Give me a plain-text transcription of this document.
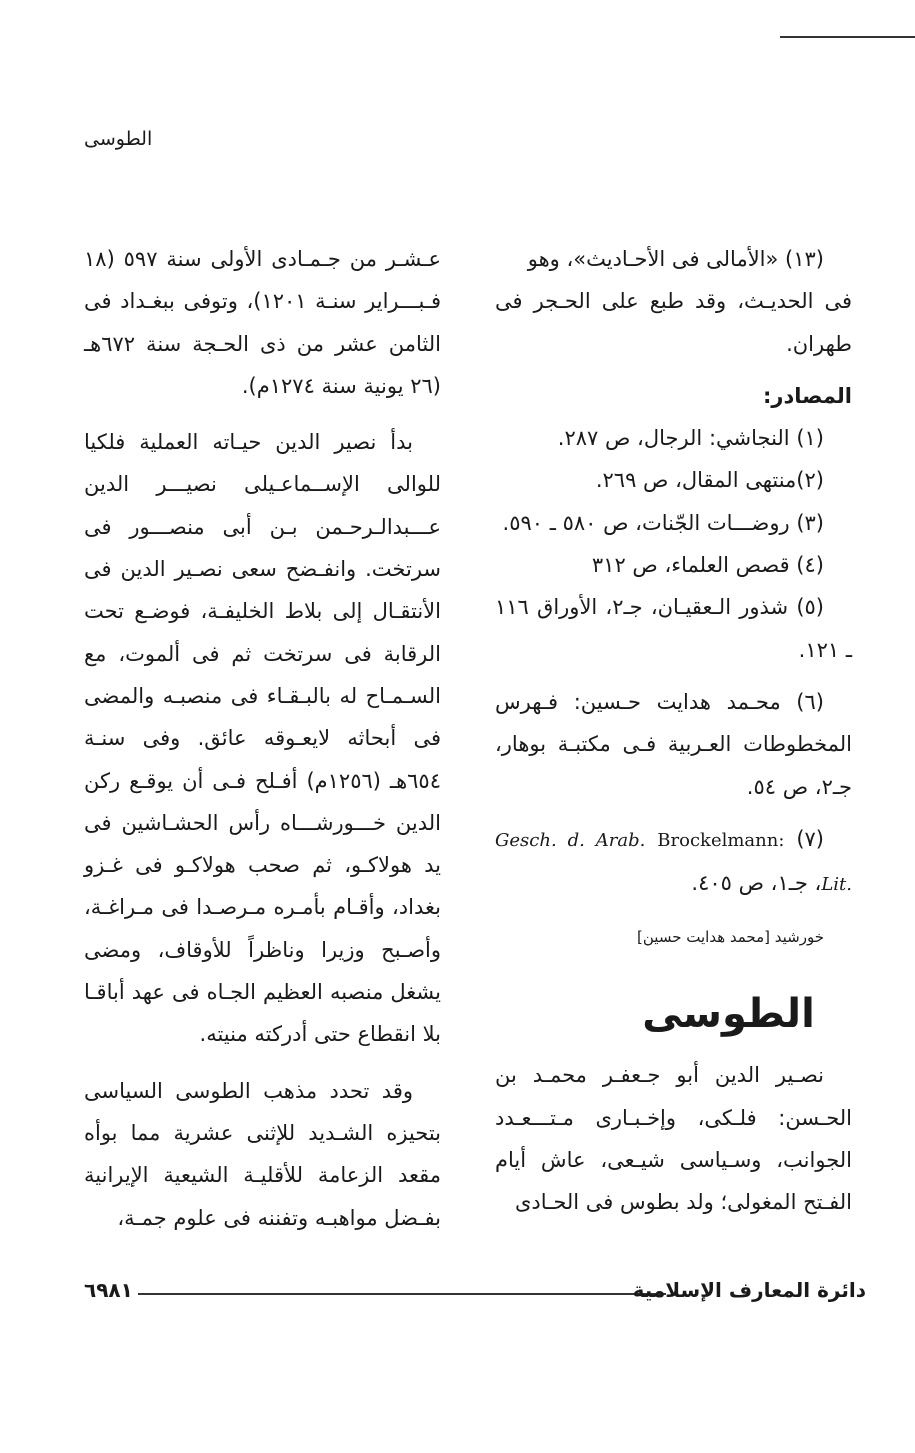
الطوسى

(١٣) «الأمالى فى الأحـاديث»، وهو

فى الحديـث، وقد طبع على الحـجر فى طهران.

المصادر:

(١) النجاشي: الرجال، ص ٢٨٧.

(٢)منتهى المقال، ص ٢٦٩.

(٣) روضـــات الجّنات، ص ٥٨٠ ـ ٥٩٠.

(٤) قصص العلماء، ص ٣١٢

(٥) شذور الـعقيـان، جـ٢، الأوراق ١١٦ ـ ١٢١.

(٦) محـمد هدايت حـسين: فـهرس المخطوطات العـربية فـى مكتبـة بوهار، جـ٢، ص ٥٤.

(٧) Brockelmann: Gesch. d. Arab. Lit.، جـ١، ص ٤٠٥.

خورشيد [محمد هدايت حسين]

الطوسى

نصـير الدين أبو جـعفـر محمـد بن الحـسن: فلـكى، وإخـبـارى مـتـــعـدد الجوانب، وسـياسى شيـعى، عاش أيام الفـتح المغولى؛ ولد بطوس فى الحـادى

عـشـر من جـمـادى الأولى سنة ٥٩٧ (١٨ فـبـــراير سنـة ١٢٠١)، وتوفى ببغـداد فى الثامن عشر من ذى الحـجة سنة ٦٧٢هـ (٢٦ يونية سنة ١٢٧٤م).

بدأ نصير الدين حيـاته العملية فلكيا للوالى الإســماعـيلى نصيـــر الدين عـــبدالـرحـمن بـن أبى منصـــور فى سرتخت. وانفـضح سعى نصـير الدين فى الأنتقـال إلى بلاط الخليفـة، فوضـع تحت الرقابة فى سرتخت ثم فى ألموت، مع السـمـاح له بالبـقـاء فى منصبـه والمضى فى أبحاثه لايعـوقه عائق. وفى سنـة ٦٥٤هـ (١٢٥٦م) أفـلح فـى أن يوقـع ركن الدين خـــورشـــاه رأس الحشـاشين فى يد هولاكـو، ثم صحب هولاكـو فى غـزو بغداد، وأقـام بأمـره مـرصـدا فى مـراغـة، وأصـبح وزيرا وناظراً للأوقاف، ومضى يشغل منصبه العظيم الجـاه فى عهد أباقـا بلا انقطاع حتى أدركته منيته.

وقد تحدد مذهب الطوسى السياسى بتحيزه الشـديد للإثنى عشرية مما بوأه مقعد الزعامة للأقليـة الشيعية الإيرانية بفـضل مواهبـه وتفننه فى علوم جمـة،

٦٩٨١	دائرة المعارف الإسلامية
